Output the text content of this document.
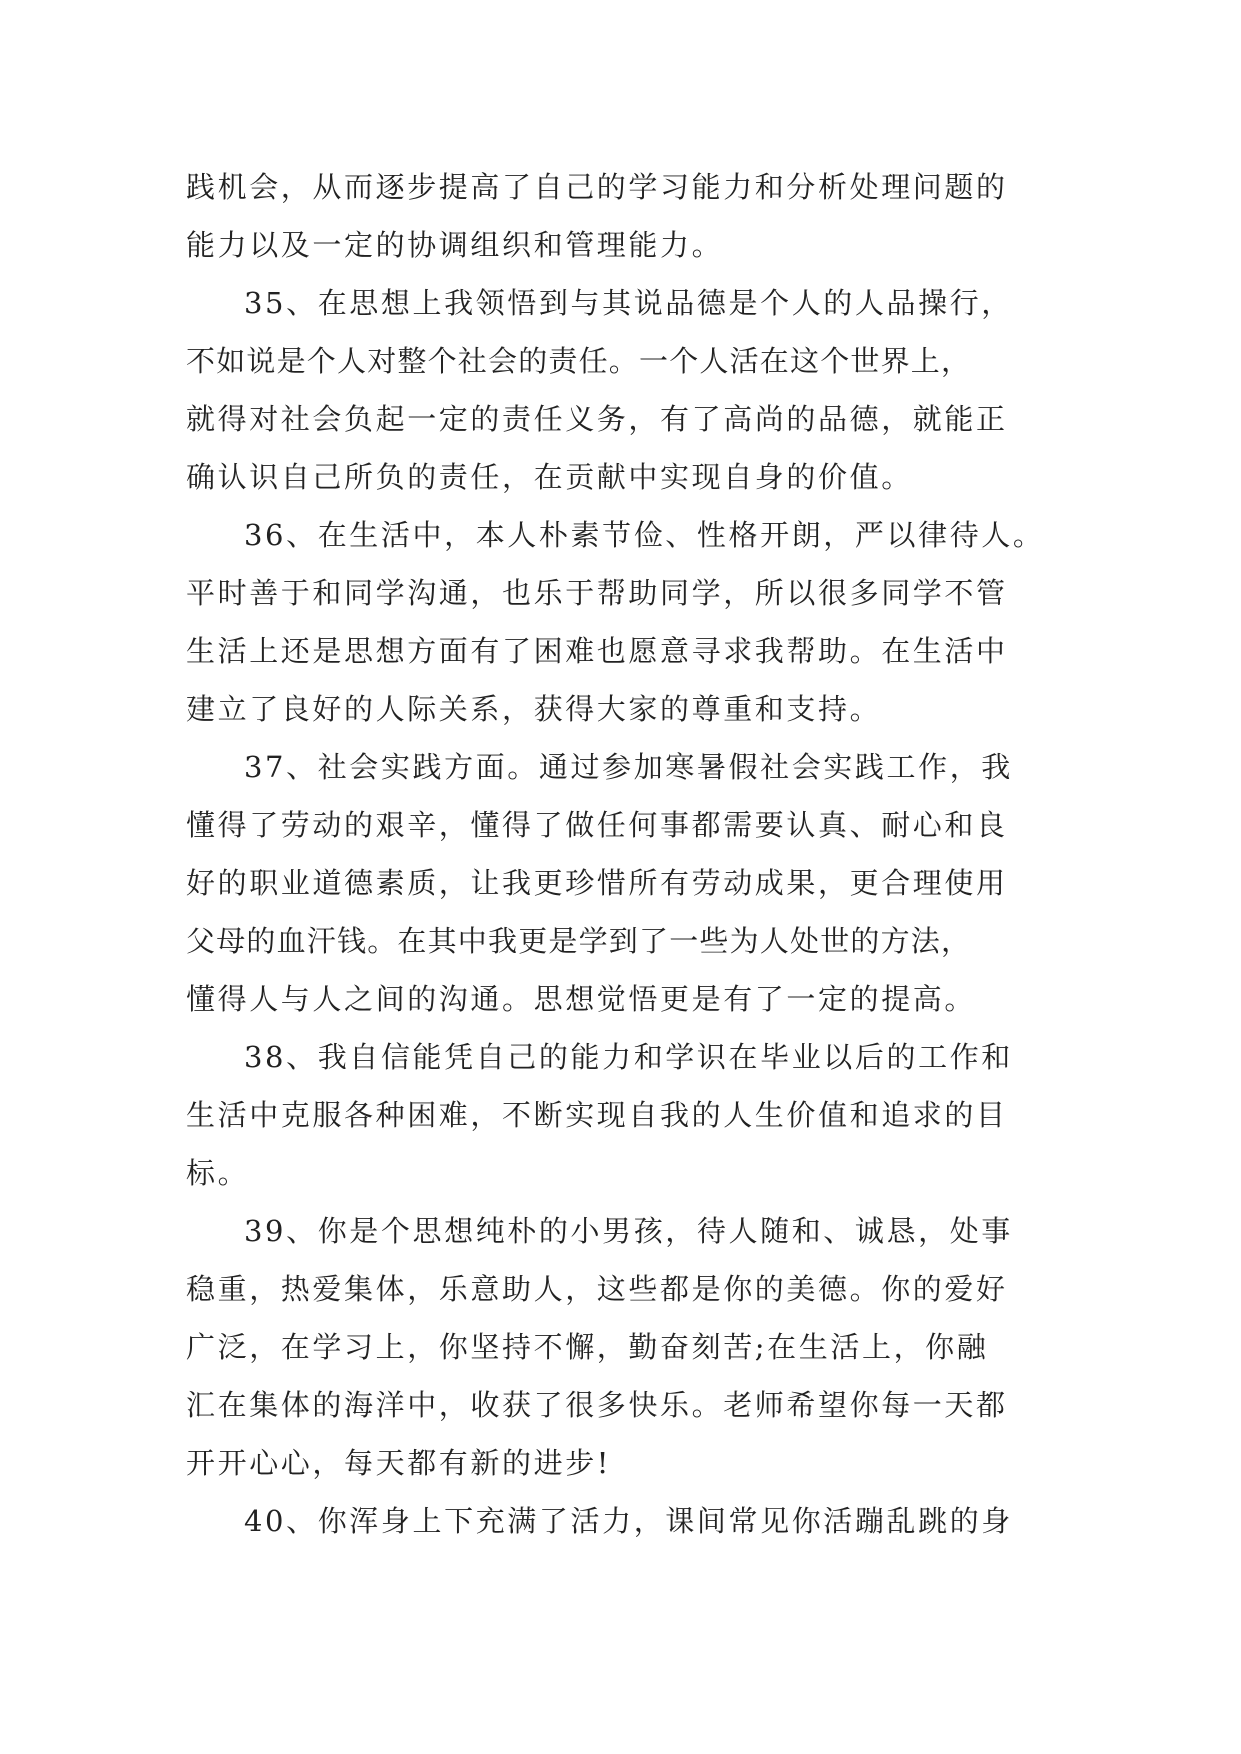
践机会，从而逐步提高了自己的学习能力和分析处理问题的
能力以及一定的协调组织和管理能力。
35、在思想上我领悟到与其说品德是个人的人品操行，
不如说是个人对整个社会的责任。一个人活在这个世界上，
就得对社会负起一定的责任义务，有了高尚的品德，就能正
确认识自己所负的责任，在贡献中实现自身的价值。
36、在生活中，本人朴素节俭、性格开朗，严以律待人。
平时善于和同学沟通，也乐于帮助同学，所以很多同学不管
生活上还是思想方面有了困难也愿意寻求我帮助。在生活中
建立了良好的人际关系，获得大家的尊重和支持。
37、社会实践方面。通过参加寒暑假社会实践工作，我
懂得了劳动的艰辛，懂得了做任何事都需要认真、耐心和良
好的职业道德素质，让我更珍惜所有劳动成果，更合理使用
父母的血汗钱。在其中我更是学到了一些为人处世的方法，
懂得人与人之间的沟通。思想觉悟更是有了一定的提高。
38、我自信能凭自己的能力和学识在毕业以后的工作和
生活中克服各种困难，不断实现自我的人生价值和追求的目
标。
39、你是个思想纯朴的小男孩，待人随和、诚恳，处事
稳重，热爱集体，乐意助人，这些都是你的美德。你的爱好
广泛，在学习上，你坚持不懈，勤奋刻苦;在生活上，你融
汇在集体的海洋中，收获了很多快乐。老师希望你每一天都
开开心心，每天都有新的进步!
40、你浑身上下充满了活力，课间常见你活蹦乱跳的身
